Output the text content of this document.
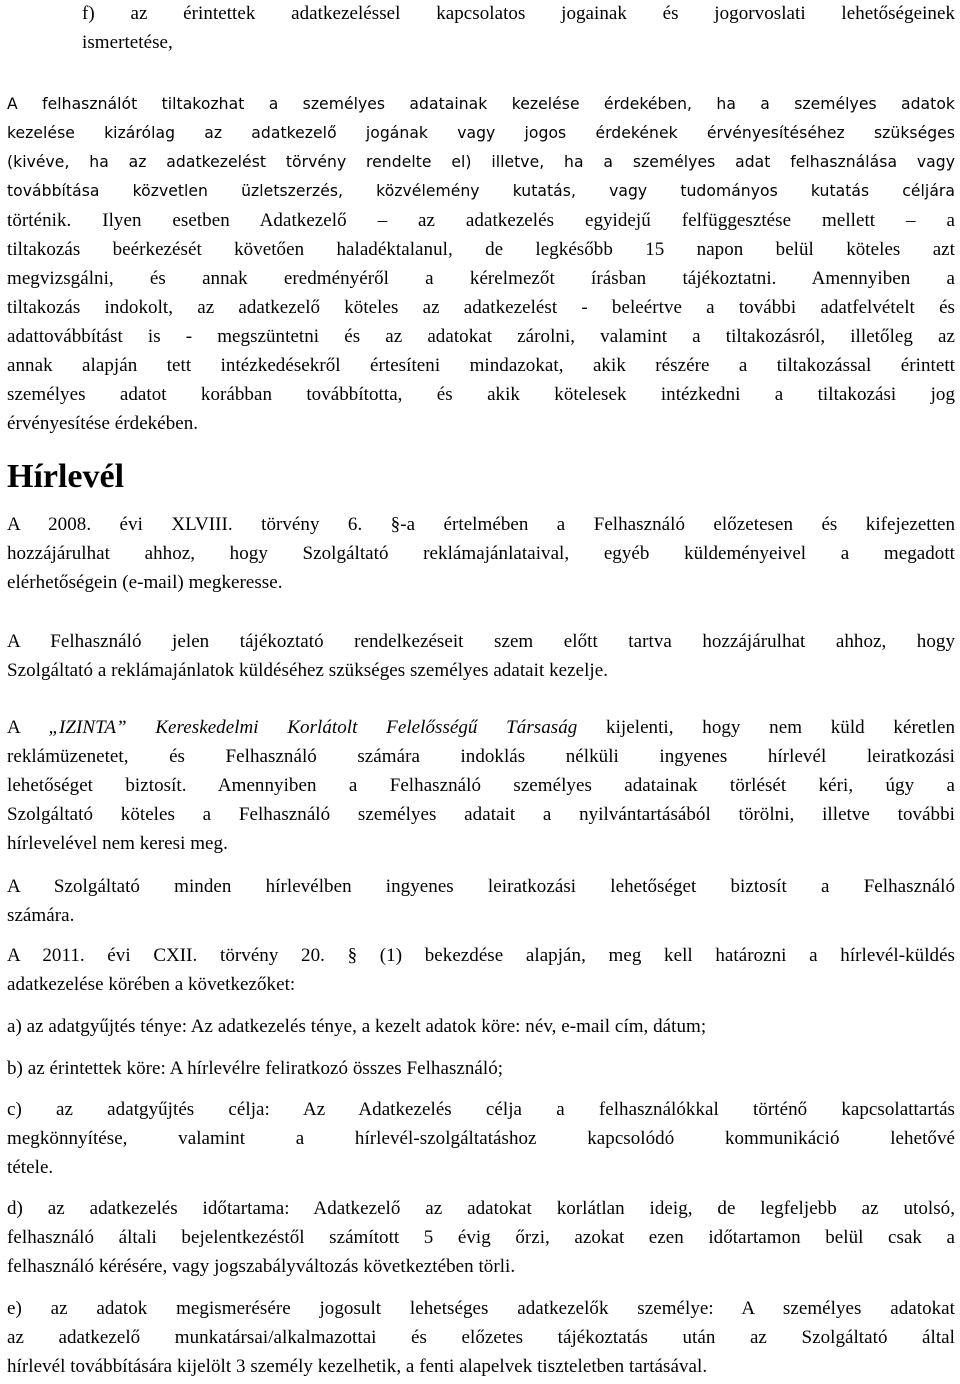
f) az érintettek adatkezeléssel kapcsolatos jogainak és jogorvoslati lehetőségeinek
ismertetése,
A felhasználót tiltakozhat a személyes adatainak kezelése érdekében, ha a személyes adatok
kezelése kizárólag az adatkezelő jogának vagy jogos érdekének érvényesítéséhez szükséges
(kivéve, ha az adatkezelést törvény rendelte el) illetve, ha a személyes adat felhasználása vagy
továbbítása közvetlen üzletszerzés, közvélemény kutatás, vagy tudományos kutatás céljára
történik. Ilyen esetben Adatkezelő – az adatkezelés egyidejű felfüggesztése mellett – a
tiltakozás beérkezését követően haladéktalanul, de legkésőbb 15 napon belül köteles azt
megvizsgálni, és annak eredményéről a kérelmezőt írásban tájékoztatni. Amennyiben a
tiltakozás indokolt, az adatkezelő köteles az adatkezelést - beleértve a további adatfelvételt és
adattovábbítást is - megszüntetni és az adatokat zárolni, valamint a tiltakozásról, illetőleg az
annak alapján tett intézkedésekről értesíteni mindazokat, akik részére a tiltakozással érintett
személyes adatot korábban továbbította, és akik kötelesek intézkedni a tiltakozási jog
érvényesítése érdekében.
Hírlevél
A 2008. évi XLVIII. törvény 6. §-a értelmében a Felhasználó előzetesen és kifejezetten
hozzájárulhat ahhoz, hogy Szolgáltató reklámajánlataival, egyéb küldeményeivel a megadott
elérhetőségein (e-mail) megkeresse.
A Felhasználó jelen tájékoztató rendelkezéseit szem előtt tartva hozzájárulhat ahhoz, hogy
Szolgáltató a reklámajánlatok küldéséhez szükséges személyes adatait kezelje.
A „IZINTA” Kereskedelmi Korlátolt Felelősségű Társaság kijelenti, hogy nem küld kéretlen
reklámüzenetet, és Felhasználó számára indoklás nélküli ingyenes hírlevél leiratkozási
lehetőséget biztosít. Amennyiben a Felhasználó személyes adatainak törlését kéri, úgy a
Szolgáltató köteles a Felhasználó személyes adatait a nyilvántartásából törölni, illetve további
hírlevelével nem keresi meg.
A Szolgáltató minden hírlevélben ingyenes leiratkozási lehetőséget biztosít a Felhasználó
számára.
A 2011. évi CXII. törvény 20. § (1) bekezdése alapján, meg kell határozni a hírlevél-küldés
adatkezelése körében a következőket:
a) az adatgyűjtés ténye: Az adatkezelés ténye, a kezelt adatok köre: név, e-mail cím, dátum;
b) az érintettek köre: A hírlevélre feliratkozó összes Felhasználó;
c) az adatgyűjtés célja: Az Adatkezelés célja a felhasználókkal történő kapcsolattartás
megkönnyítése, valamint a hírlevél-szolgáltatáshoz kapcsolódó kommunikáció lehetővé
tétele.
d) az adatkezelés időtartama: Adatkezelő az adatokat korlátlan ideig, de legfeljebb az utolsó,
felhasználó általi bejelentkezéstől számított 5 évig őrzi, azokat ezen időtartamon belül csak a
felhasználó kérésére, vagy jogszabályváltozás következtében törli.
e) az adatok megismerésére jogosult lehetséges adatkezelők személye: A személyes adatokat
az adatkezelő munkatársai/alkalmazottai és előzetes tájékoztatás után az Szolgáltató által
hírlevél továbbítására kijelölt 3 személy kezelhetik, a fenti alapelvek tiszteletben tartásával.
